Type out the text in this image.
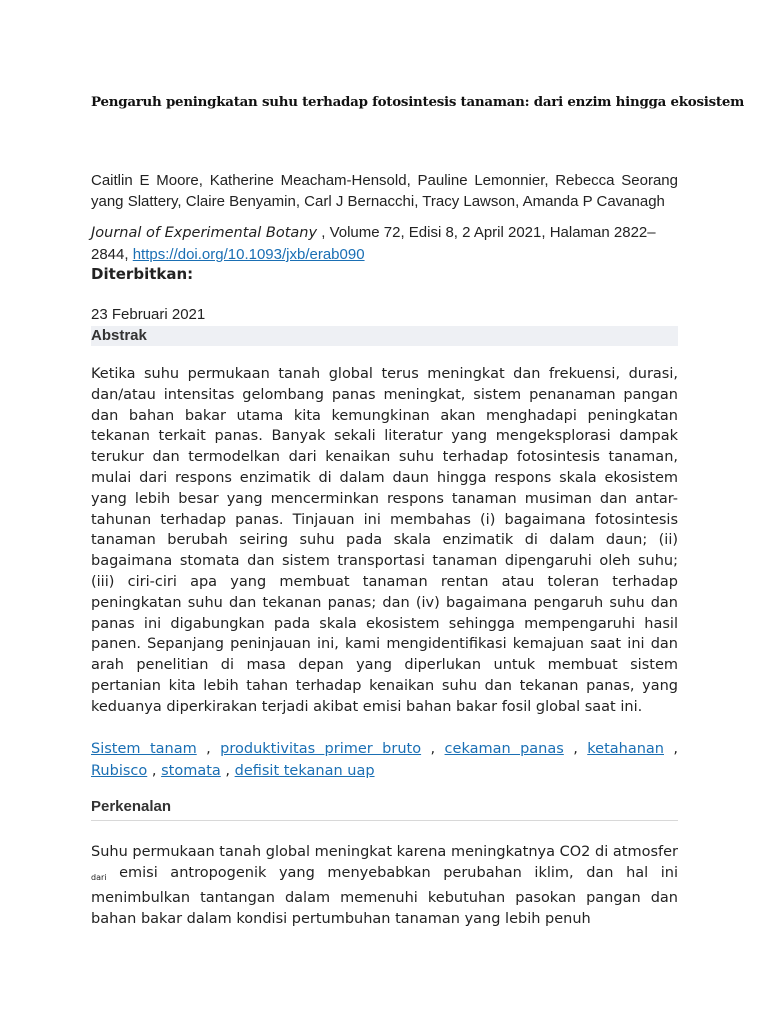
Pengaruh peningkatan suhu terhadap fotosintesis tanaman: dari enzim hingga ekosistem
Caitlin E Moore, Katherine Meacham-Hensold, Pauline Lemonnier, Rebecca Seorang yang Slattery, Claire Benyamin, Carl J Bernacchi, Tracy Lawson, Amanda P Cavanagh
Journal of Experimental Botany , Volume 72, Edisi 8, 2 April 2021, Halaman 2822–2844, https://doi.org/10.1093/jxb/erab090
Diterbitkan:
23 Februari 2021
Abstrak

Ketika suhu permukaan tanah global terus meningkat dan frekuensi, durasi, dan/atau intensitas gelombang panas meningkat, sistem penanaman pangan dan bahan bakar utama kita kemungkinan akan menghadapi peningkatan tekanan terkait panas. Banyak sekali literatur yang mengeksplorasi dampak terukur dan termodelkan dari kenaikan suhu terhadap fotosintesis tanaman, mulai dari respons enzimatik di dalam daun hingga respons skala ekosistem yang lebih besar yang mencerminkan respons tanaman musiman dan antar-tahunan terhadap panas. Tinjauan ini membahas (i) bagaimana fotosintesis tanaman berubah seiring suhu pada skala enzimatik di dalam daun; (ii) bagaimana stomata dan sistem transportasi tanaman dipengaruhi oleh suhu; (iii) ciri-ciri apa yang membuat tanaman rentan atau toleran terhadap peningkatan suhu dan tekanan panas; dan (iv) bagaimana pengaruh suhu dan panas ini digabungkan pada skala ekosistem sehingga mempengaruhi hasil panen. Sepanjang peninjauan ini, kami mengidentifikasi kemajuan saat ini dan arah penelitian di masa depan yang diperlukan untuk membuat sistem pertanian kita lebih tahan terhadap kenaikan suhu dan tekanan panas, yang keduanya diperkirakan terjadi akibat emisi bahan bakar fosil global saat ini.

Sistem tanam , produktivitas primer bruto , cekaman panas , ketahanan , Rubisco , stomata , defisit tekanan uap

Perkenalan

Suhu permukaan tanah global meningkat karena meningkatnya CO2 di atmosfer $_{dari}$ emisi antropogenik yang menyebabkan perubahan iklim, dan hal ini menimbulkan tantangan dalam memenuhi kebutuhan pasokan pangan dan bahan bakar dalam kondisi pertumbuhan tanaman yang lebih penuh
